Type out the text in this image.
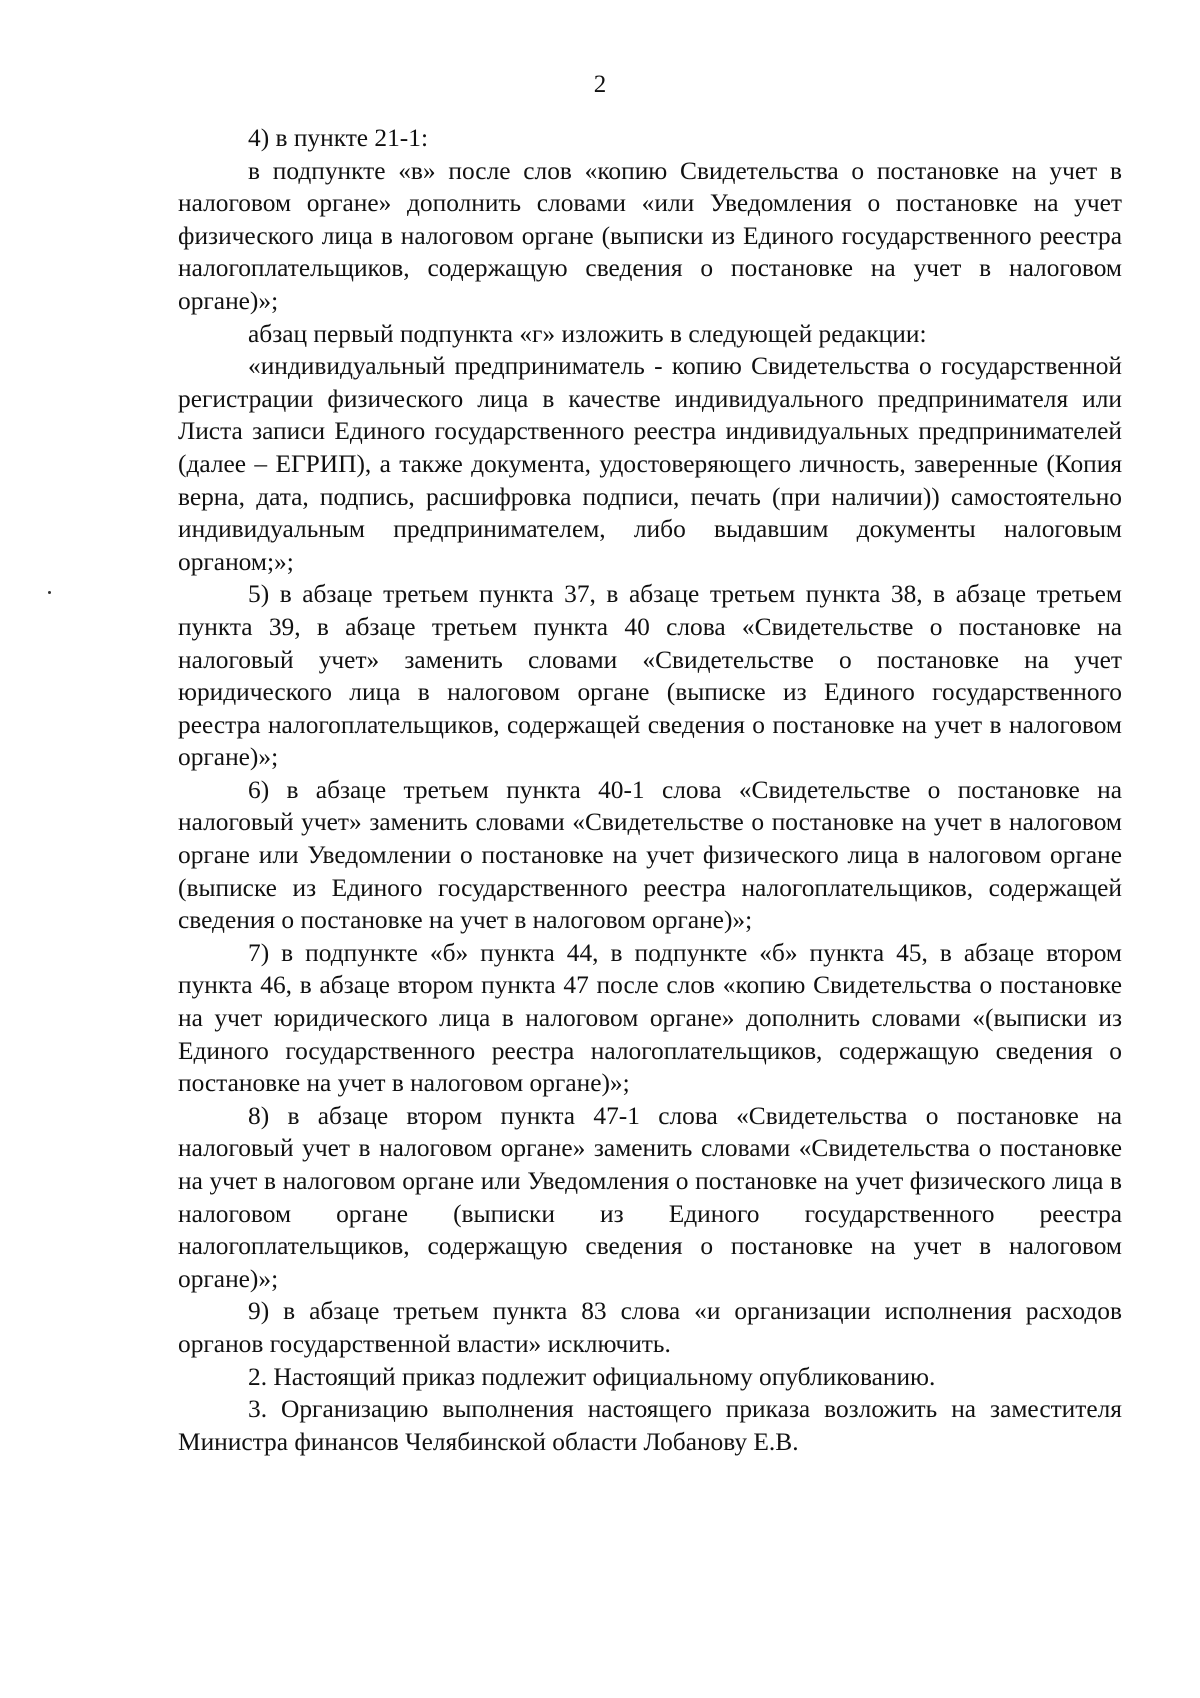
2

4) в пункте 21-1:

в подпункте «в» после слов «копию Свидетельства о постановке на учет в налоговом органе» дополнить словами «или Уведомления о постановке на учет физического лица в налоговом органе (выписки из Единого государственного реестра налогоплательщиков, содержащую сведения о постановке на учет в налоговом органе)»;

абзац первый подпункта «г» изложить в следующей редакции:

«индивидуальный предприниматель - копию Свидетельства о государственной регистрации физического лица в качестве индивидуального предпринимателя или Листа записи Единого государственного реестра индивидуальных предпринимателей (далее – ЕГРИП), а также документа, удостоверяющего личность, заверенные (Копия верна, дата, подпись, расшифровка подписи, печать (при наличии)) самостоятельно индивидуальным предпринимателем, либо выдавшим документы налоговым органом;»;

5) в абзаце третьем пункта 37, в абзаце третьем пункта 38, в абзаце третьем пункта 39, в абзаце третьем пункта 40 слова «Свидетельстве о постановке на налоговый учет» заменить словами «Свидетельстве о постановке на учет юридического лица в налоговом органе (выписке из Единого государственного реестра налогоплательщиков, содержащей сведения о постановке на учет в налоговом органе)»;

6) в абзаце третьем пункта 40-1 слова «Свидетельстве о постановке на налоговый учет» заменить словами «Свидетельстве о постановке на учет в налоговом органе или Уведомлении о постановке на учет физического лица в налоговом органе (выписке из Единого государственного реестра налогоплательщиков, содержащей сведения о постановке на учет в налоговом органе)»;

7) в подпункте «б» пункта 44, в подпункте «б» пункта 45, в абзаце втором пункта 46, в абзаце втором пункта 47 после слов «копию Свидетельства о постановке на учет юридического лица в налоговом органе» дополнить словами «(выписки из Единого государственного реестра налогоплательщиков, содержащую сведения о постановке на учет в налоговом органе)»;

8) в абзаце втором пункта 47-1 слова «Свидетельства о постановке на налоговый учет в налоговом органе» заменить словами «Свидетельства о постановке на учет в налоговом органе или Уведомления о постановке на учет физического лица в налоговом органе (выписки из Единого государственного реестра налогоплательщиков, содержащую сведения о постановке на учет в налоговом органе)»;

9) в абзаце третьем пункта 83 слова «и организации исполнения расходов органов государственной власти» исключить.

2. Настоящий приказ подлежит официальному опубликованию.

3. Организацию выполнения настоящего приказа возложить на заместителя Министра финансов Челябинской области Лобанову Е.В.
